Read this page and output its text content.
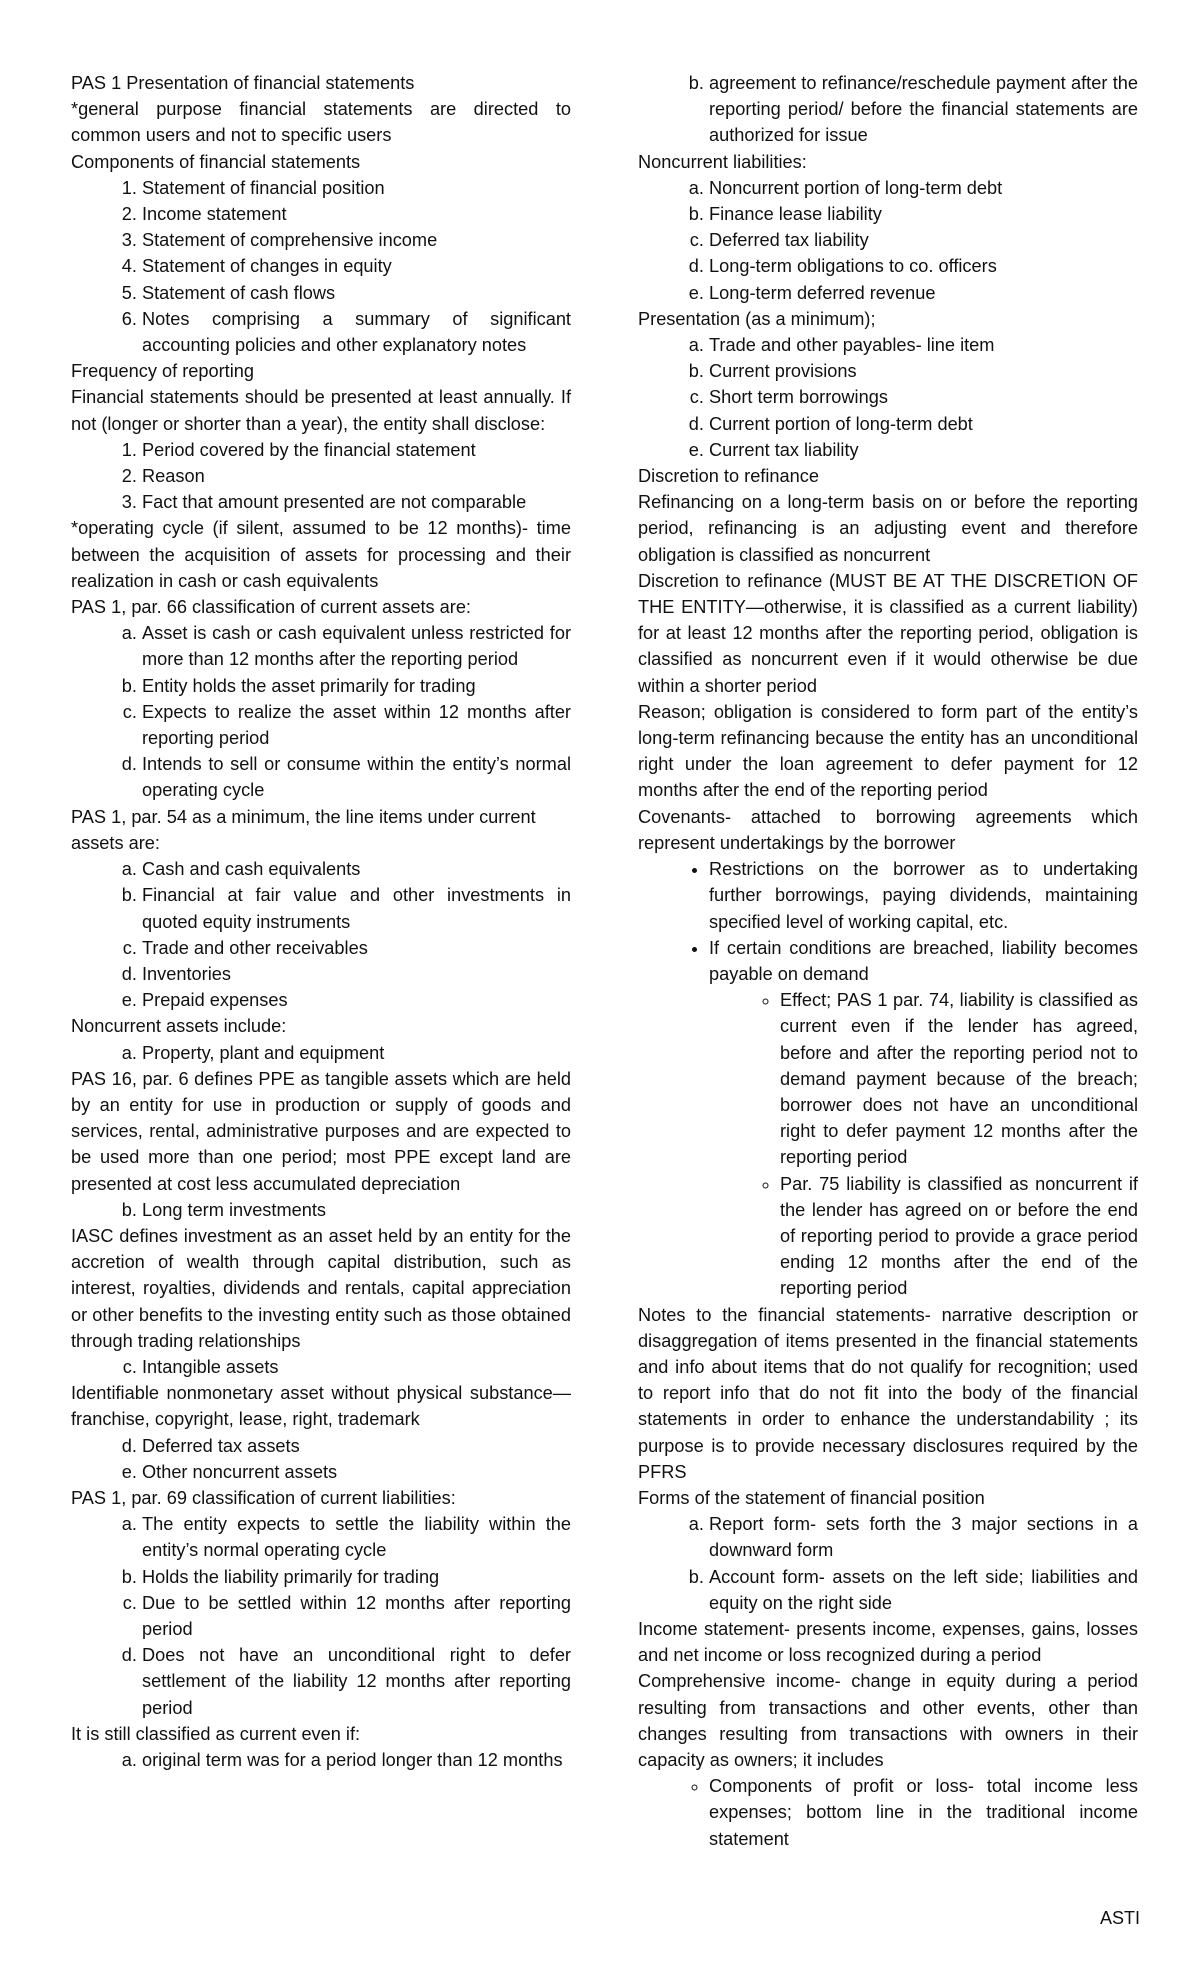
PAS 1 Presentation of financial statements

*general purpose financial statements are directed to common users and not to specific users

Components of financial statements

1. Statement of financial position
2. Income statement
3. Statement of comprehensive income
4. Statement of changes in equity
5. Statement of cash flows
6. Notes comprising a summary of significant accounting policies and other explanatory notes

Frequency of reporting

Financial statements should be presented at least annually. If not (longer or shorter than a year), the entity shall disclose:

1. Period covered by the financial statement
2. Reason
3. Fact that amount presented are not comparable

*operating cycle (if silent, assumed to be 12 months)- time between the acquisition of assets for processing and their realization in cash or cash equivalents

PAS 1, par. 66 classification of current assets are:

a. Asset is cash or cash equivalent unless restricted for more than 12 months after the reporting period
b. Entity holds the asset primarily for trading
c. Expects to realize the asset within 12 months after reporting period
d. Intends to sell or consume within the entity’s normal operating cycle

PAS 1, par. 54 as a minimum, the line items under current assets are:

a. Cash and cash equivalents
b. Financial at fair value and other investments in quoted equity instruments
c. Trade and other receivables
d. Inventories
e. Prepaid expenses

Noncurrent assets include:

a. Property, plant and equipment

PAS 16, par. 6 defines PPE as tangible assets which are held by an entity for use in production or supply of goods and services, rental, administrative purposes and are expected to be used more than one period; most PPE except land are presented at cost less accumulated depreciation

b. Long term investments

IASC defines investment as an asset held by an entity for the accretion of wealth through capital distribution, such as interest, royalties, dividends and rentals, capital appreciation or other benefits to the investing entity such as those obtained through trading relationships

c. Intangible assets

Identifiable nonmonetary asset without physical substance—franchise, copyright, lease, right, trademark

d. Deferred tax assets
e. Other noncurrent assets

PAS 1, par. 69 classification of current liabilities:

a. The entity expects to settle the liability within the entity’s normal operating cycle
b. Holds the liability primarily for trading
c. Due to be settled within 12 months after reporting period
d. Does not have an unconditional right to defer settlement of the liability 12 months after reporting period

It is still classified as current even if:

a. original term was for a period longer than 12 months
b. agreement to refinance/reschedule payment after the reporting period/ before the financial statements are authorized for issue

Noncurrent liabilities:

a. Noncurrent portion of long-term debt
b. Finance lease liability
c. Deferred tax liability
d. Long-term obligations to co. officers
e. Long-term deferred revenue

Presentation (as a minimum);

a. Trade and other payables- line item
b. Current provisions
c. Short term borrowings
d. Current portion of long-term debt
e. Current tax liability

Discretion to refinance

Refinancing on a long-term basis on or before the reporting period, refinancing is an adjusting event and therefore obligation is classified as noncurrent

Discretion to refinance (MUST BE AT THE DISCRETION OF THE ENTITY—otherwise, it is classified as a current liability) for at least 12 months after the reporting period, obligation is classified as noncurrent even if it would otherwise be due within a shorter period

Reason; obligation is considered to form part of the entity’s long-term refinancing because the entity has an unconditional right under the loan agreement to defer payment for 12 months after the end of the reporting period

Covenants- attached to borrowing agreements which represent undertakings by the borrower

• Restrictions on the borrower as to undertaking further borrowings, paying dividends, maintaining specified level of working capital, etc.
• If certain conditions are breached, liability becomes payable on demand
◦ Effect; PAS 1 par. 74, liability is classified as current even if the lender has agreed, before and after the reporting period not to demand payment because of the breach; borrower does not have an unconditional right to defer payment 12 months after the reporting period
◦ Par. 75 liability is classified as noncurrent if the lender has agreed on or before the end of reporting period to provide a grace period ending 12 months after the end of the reporting period

Notes to the financial statements- narrative description or disaggregation of items presented in the financial statements and info about items that do not qualify for recognition; used to report info that do not fit into the body of the financial statements in order to enhance the understandability ; its purpose is to provide necessary disclosures required by the PFRS

Forms of the statement of financial position

a. Report form- sets forth the 3 major sections in a downward form
b. Account form- assets on the left side; liabilities and equity on the right side

Income statement- presents income, expenses, gains, losses and net income or loss recognized during a period

Comprehensive income- change in equity during a period resulting from transactions and other events, other than changes resulting from transactions with owners in their capacity as owners; it includes

◦ Components of profit or loss- total income less expenses; bottom line in the traditional income statement
ASTI
